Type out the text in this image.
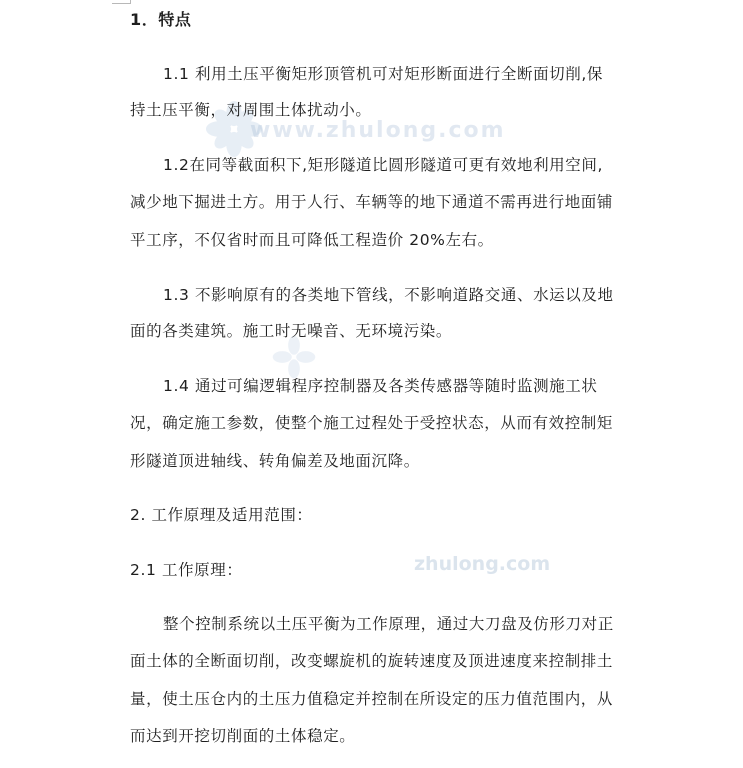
www.zhulong.com
zhulong.com
1．特点
1.1 利用土压平衡矩形顶管机可对矩形断面进行全断面切削,保
持土压平衡，对周围土体扰动小。
1.2在同等截面积下,矩形隧道比圆形隧道可更有效地利用空间,
减少地下掘进土方。用于人行、车辆等的地下通道不需再进行地面铺
平工序，不仅省时而且可降低工程造价 20%左右。
1.3 不影响原有的各类地下管线，不影响道路交通、水运以及地
面的各类建筑。施工时无噪音、无环境污染。
1.4 通过可编逻辑程序控制器及各类传感器等随时监测施工状
况，确定施工参数，使整个施工过程处于受控状态，从而有效控制矩
形隧道顶进轴线、转角偏差及地面沉降。
2. 工作原理及适用范围：
2.1 工作原理：
整个控制系统以土压平衡为工作原理，通过大刀盘及仿形刀对正
面土体的全断面切削，改变螺旋机的旋转速度及顶进速度来控制排土
量，使土压仓内的土压力值稳定并控制在所设定的压力值范围内，从
而达到开挖切削面的土体稳定。
